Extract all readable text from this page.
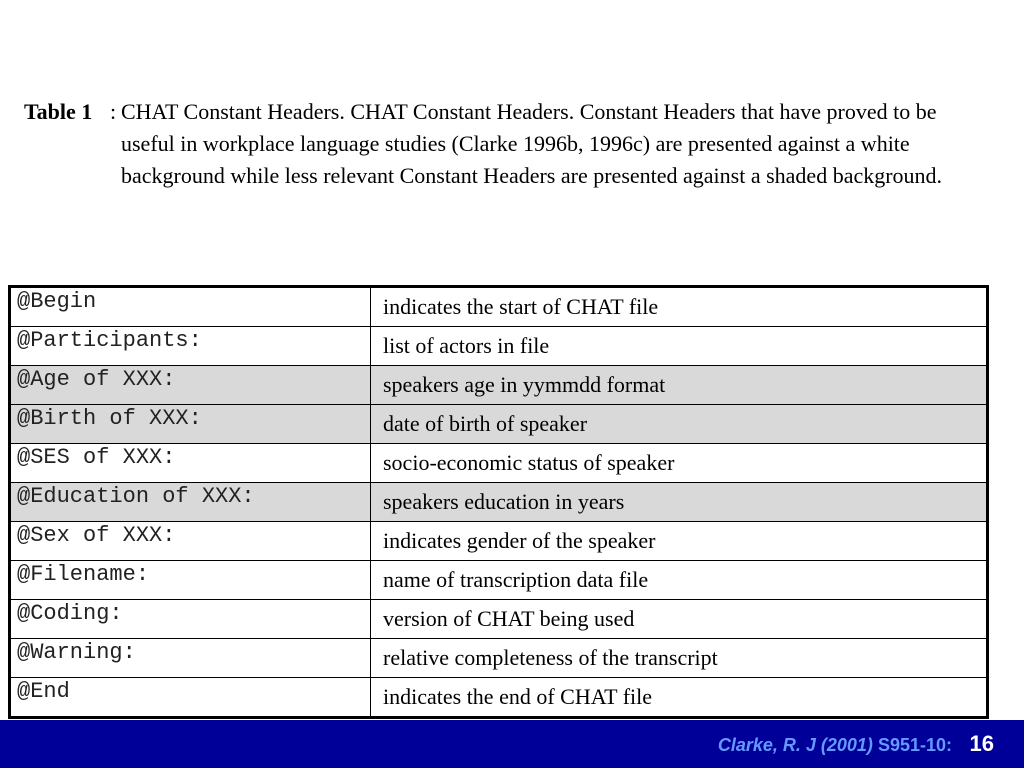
Table 1 : CHAT Constant Headers. CHAT Constant Headers. Constant Headers that have proved to be useful in workplace language studies (Clarke 1996b, 1996c) are presented against a white background while less relevant Constant Headers are presented against a shaded background.
@Begin	indicates the start of CHAT file
@Participants:	list of actors in file
@Age of XXX:	speakers age in yymmdd format
@Birth of XXX:	date of birth of speaker
@SES of XXX:	socio-economic status of speaker
@Education of XXX:	speakers education in years
@Sex of XXX:	indicates gender of the speaker
@Filename:	name of transcription data file
@Coding:	version of CHAT being used
@Warning:	relative completeness of the transcript
@End	indicates the end of CHAT file
Clarke, R. J (2001) S951-10: 16
